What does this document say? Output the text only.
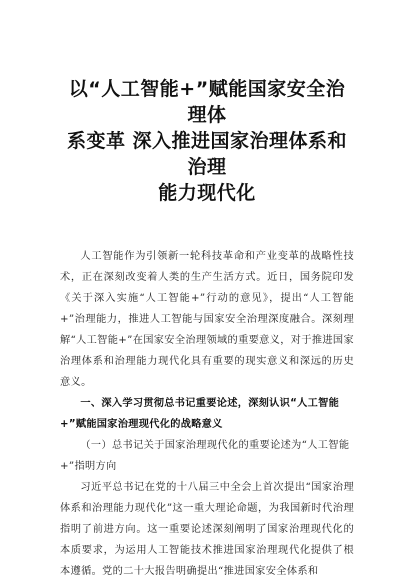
以“人工智能+”赋能国家安全治理体
系变革 深入推进国家治理体系和治理
能力现代化

人工智能作为引领新一轮科技革命和产业变革的战略性技术，正在深刻改变着人类的生产生活方式。近日，国务院印发《关于深入实施“人工智能+”行动的意见》，提出“人工智能+”治理能力，推进人工智能与国家安全治理深度融合。深刻理解“人工智能+”在国家安全治理领域的重要意义，对于推进国家治理体系和治理能力现代化具有重要的现实意义和深远的历史意义。

一、深入学习贯彻总书记重要论述，深刻认识“人工智能+”赋能国家治理现代化的战略意义

（一）总书记关于国家治理现代化的重要论述为“人工智能+”指明方向

习近平总书记在党的十八届三中全会上首次提出“国家治理体系和治理能力现代化”这一重大理论命题，为我国新时代治理指明了前进方向。这一重要论述深刻阐明了国家治理现代化的本质要求，为运用人工智能技术推进国家治理现代化提供了根本遵循。党的二十大报告明确提出“推进国家安全体系和
